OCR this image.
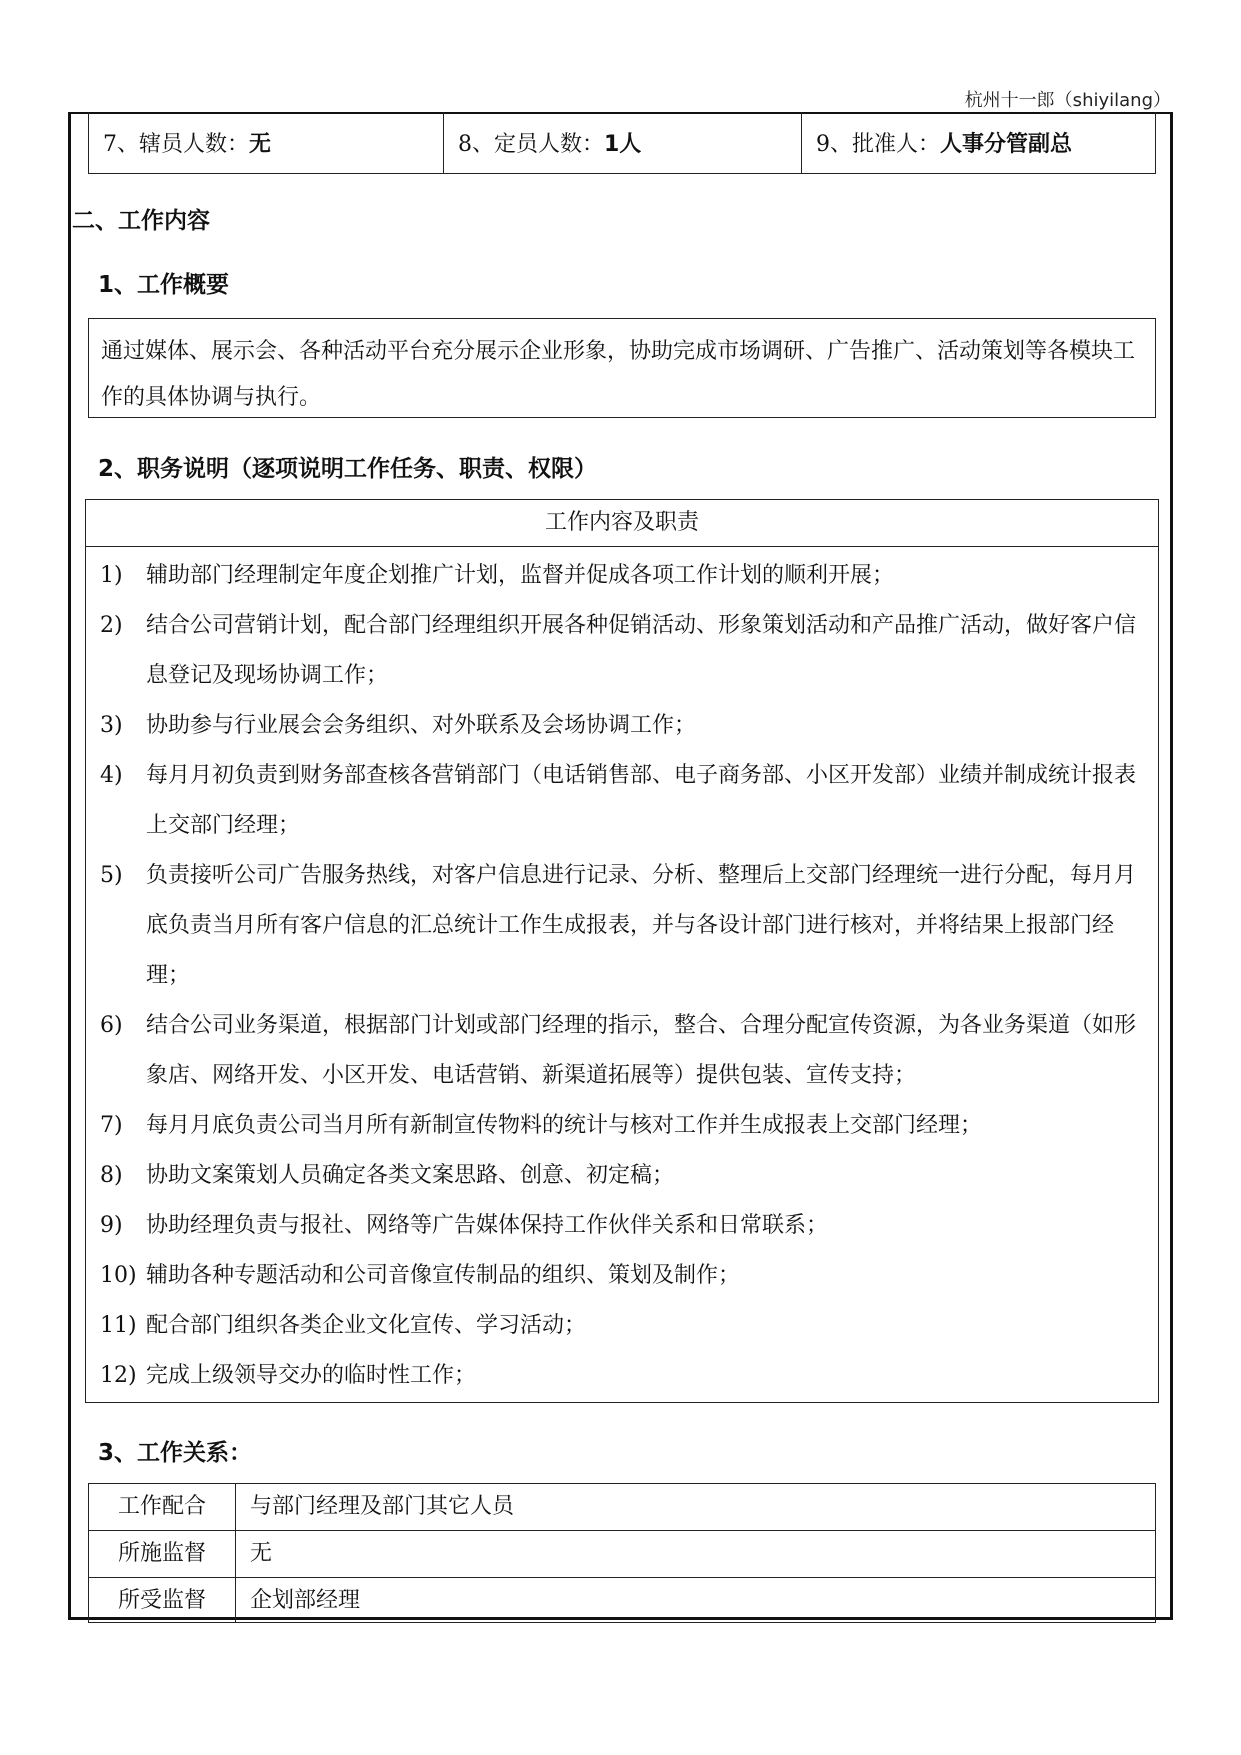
杭州十一郎（shiyilang）
7、辖员人数： 无	8、定员人数： 1人	9、批准人： 人事分管副总
二、工作内容
1、工作概要
通过媒体、展示会、各种活动平台充分展示企业形象，协助完成市场调研、广告推广、活动策划等各模块工作的具体协调与执行。
2、职务说明（逐项说明工作任务、职责、权限）
工作内容及职责
1)	辅助部门经理制定年度企划推广计划，监督并促成各项工作计划的顺利开展；
2)	结合公司营销计划，配合部门经理组织开展各种促销活动、形象策划活动和产品推广活动，做好客户信息登记及现场协调工作；
3)	协助参与行业展会会务组织、对外联系及会场协调工作；
4)	每月月初负责到财务部查核各营销部门（电话销售部、电子商务部、小区开发部）业绩并制成统计报表上交部门经理；
5)	负责接听公司广告服务热线，对客户信息进行记录、分析、整理后上交部门经理统一进行分配，每月月底负责当月所有客户信息的汇总统计工作生成报表，并与各设计部门进行核对，并将结果上报部门经理；
6)	结合公司业务渠道，根据部门计划或部门经理的指示，整合、合理分配宣传资源，为各业务渠道（如形象店、网络开发、小区开发、电话营销、新渠道拓展等）提供包装、宣传支持；
7)	每月月底负责公司当月所有新制宣传物料的统计与核对工作并生成报表上交部门经理；
8)	协助文案策划人员确定各类文案思路、创意、初定稿；
9)	协助经理负责与报社、网络等广告媒体保持工作伙伴关系和日常联系；
10) 辅助各种专题活动和公司音像宣传制品的组织、策划及制作；
11) 配合部门组织各类企业文化宣传、学习活动；
12) 完成上级领导交办的临时性工作；
3、工作关系：
工作配合	与部门经理及部门其它人员
所施监督	无
所受监督	企划部经理
